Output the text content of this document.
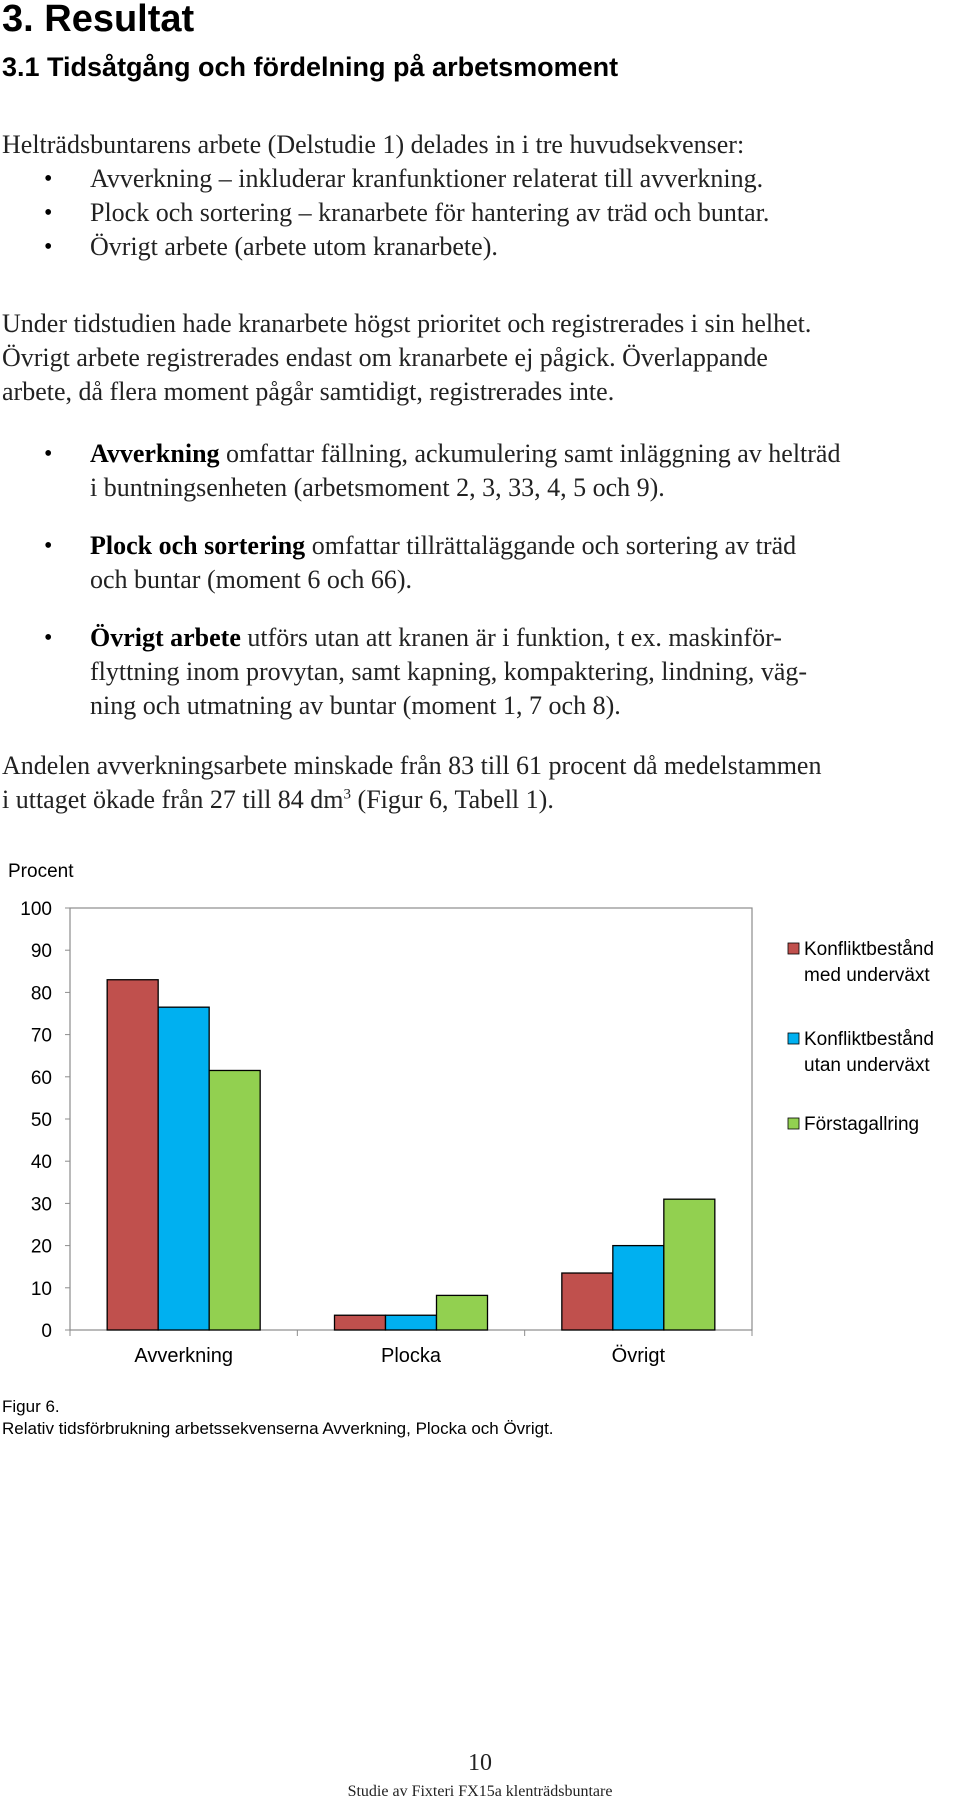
3. Resultat
3.1 Tidsåtgång och fördelning på arbetsmoment

Helträdsbuntarens arbete (Delstudie 1) delades in i tre huvudsekvenser:

• Avverkning – inkluderar kranfunktioner relaterat till avverkning.
• Plock och sortering – kranarbete för hantering av träd och buntar.
• Övrigt arbete (arbete utom kranarbete).
Under tidstudien hade kranarbete högst prioritet och registrerades i sin helhet.
Övrigt arbete registrerades endast om kranarbete ej pågick. Överlappande
arbete, då flera moment pågår samtidigt, registrerades inte.
• Avverkning omfattar fällning, ackumulering samt inläggning av helträd
i buntningsenheten (arbetsmoment 2, 3, 33, 4, 5 och 9).
• Plock och sortering omfattar tillrättaläggande och sortering av träd
och buntar (moment 6 och 66).
• Övrigt arbete utförs utan att kranen är i funktion, t ex. maskinför-
flyttning inom provytan, samt kapning, kompaktering, lindning, väg-
ning och utmatning av buntar (moment 1, 7 och 8).
Andelen avverkningsarbete minskade från 83 till 61 procent då medelstammen
i uttaget ökade från 27 till 84 $dm^3$ (Figur 6, Tabell 1).
Procent
0
10
20
30
40
50
60
70
80
90
100
Avverkning	Plocka	Övrigt
Konfliktbestånd
med underväxt
Konfliktbestånd
utan underväxt
Förstagallring
Figur 6.
Relativ tidsförbrukning arbetssekvenserna Avverkning, Plocka och Övrigt.
10
Studie av Fixteri FX15a klenträdsbuntare
